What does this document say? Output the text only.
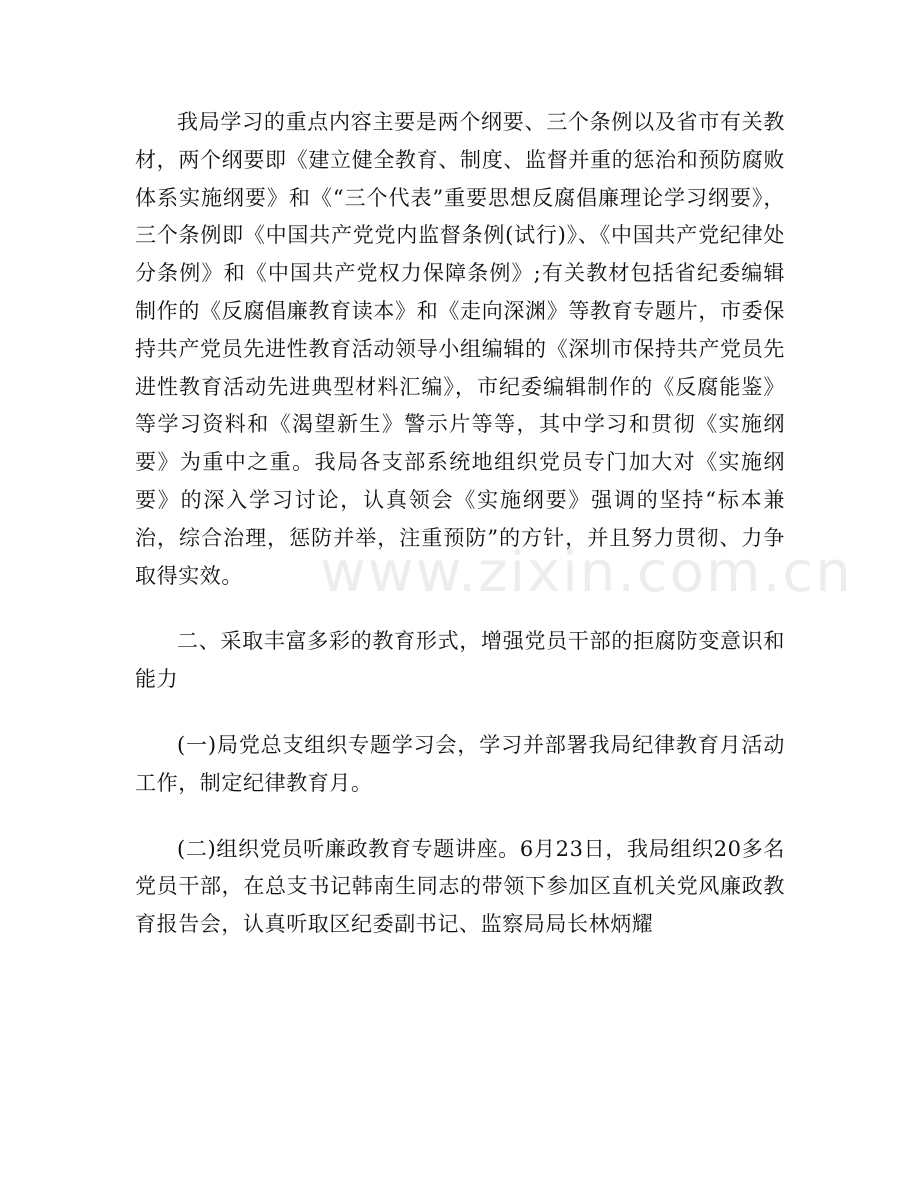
www.zixin.com.cn

我局学习的重点内容主要是两个纲要、三个条例以及省市有关教材，两个纲要即《建立健全教育、制度、监督并重的惩治和预防腐败体系实施纲要》和《“三个代表”重要思想反腐倡廉理论学习纲要》，三个条例即《中国共产党党内监督条例(试行)》、《中国共产党纪律处分条例》和《中国共产党权力保障条例》;有关教材包括省纪委编辑制作的《反腐倡廉教育读本》和《走向深渊》等教育专题片，市委保持共产党员先进性教育活动领导小组编辑的《深圳市保持共产党员先进性教育活动先进典型材料汇编》，市纪委编辑制作的《反腐能鉴》等学习资料和《渴望新生》警示片等等，其中学习和贯彻《实施纲要》为重中之重。我局各支部系统地组织党员专门加大对《实施纲要》的深入学习讨论，认真领会《实施纲要》强调的坚持“标本兼治，综合治理，惩防并举，注重预防”的方针，并且努力贯彻、力争取得实效。

二、采取丰富多彩的教育形式，增强党员干部的拒腐防变意识和能力

(一)局党总支组织专题学习会，学习并部署我局纪律教育月活动工作，制定纪律教育月。

(二)组织党员听廉政教育专题讲座。6月23日，我局组织20多名党员干部，在总支书记韩南生同志的带领下参加区直机关党风廉政教育报告会，认真听取区纪委副书记、监察局局长林炳耀
